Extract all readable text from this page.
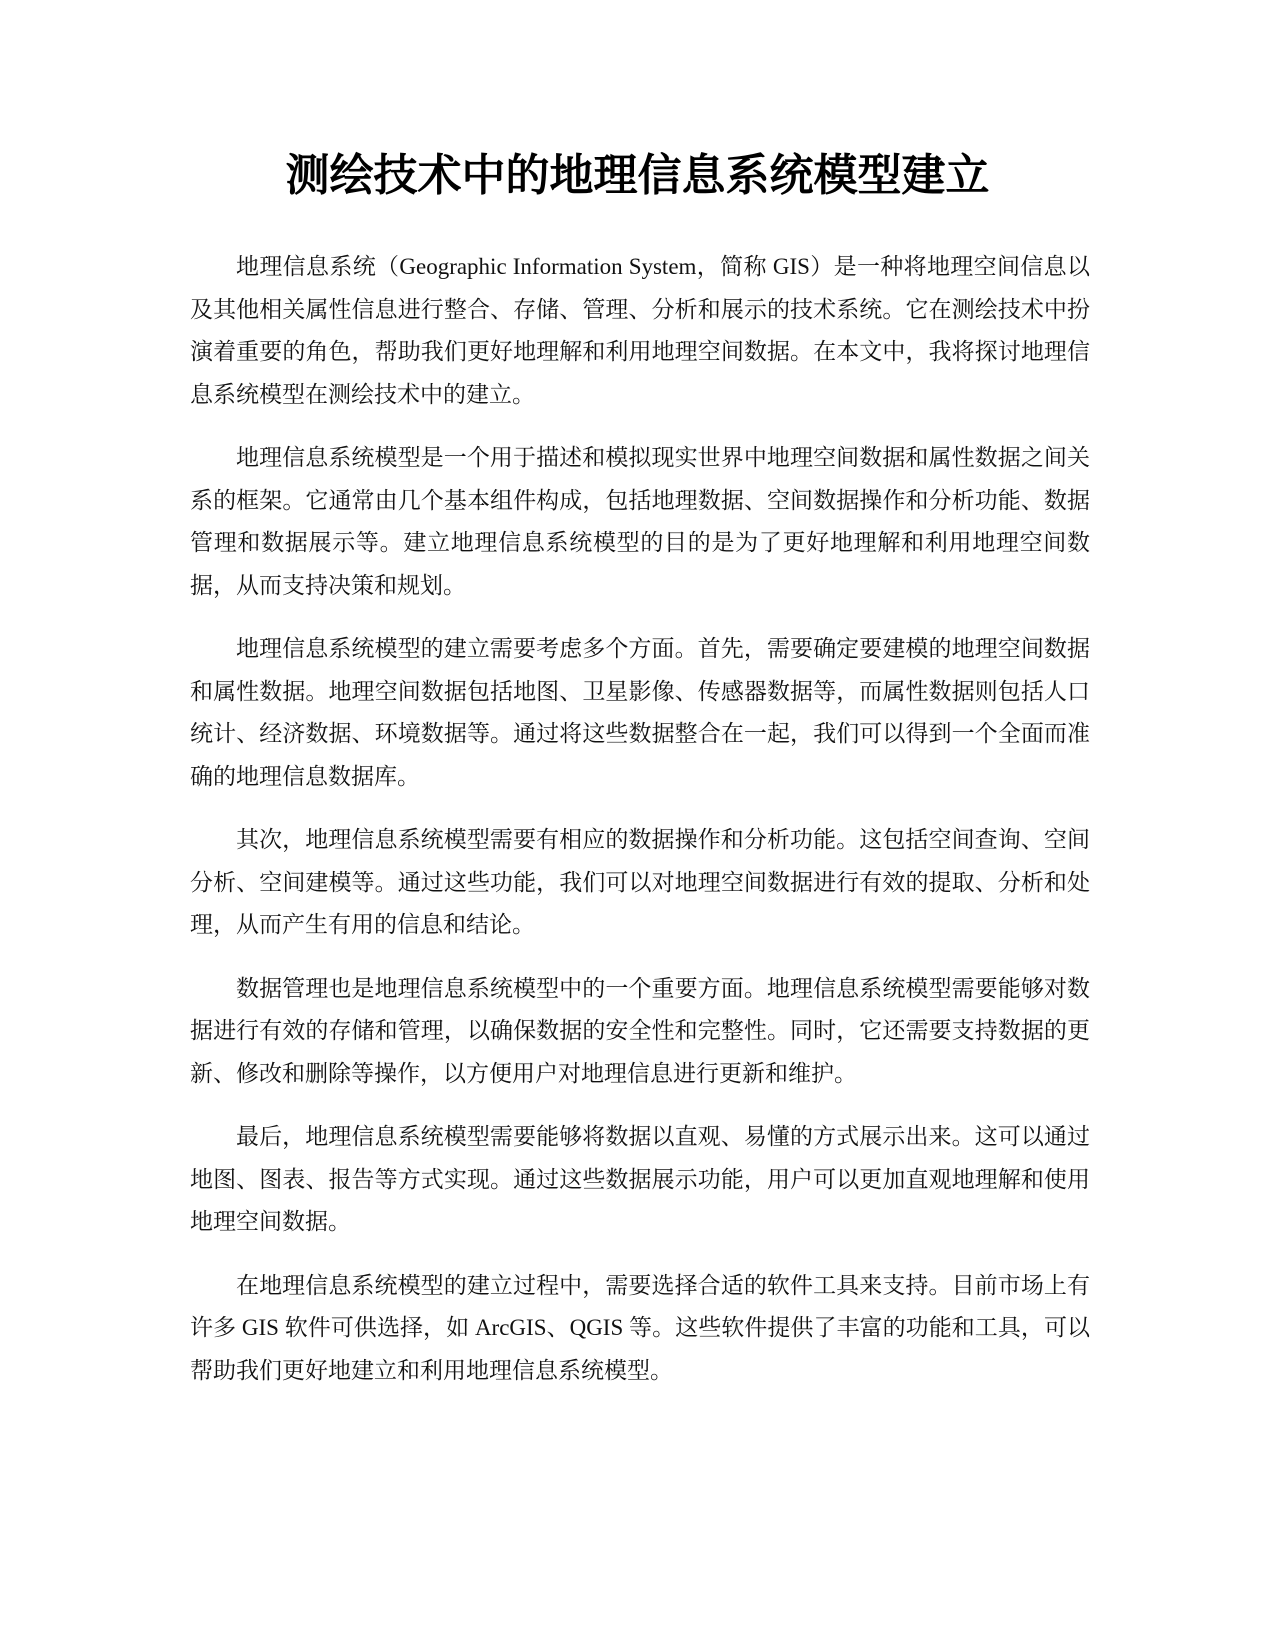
测绘技术中的地理信息系统模型建立

地理信息系统（Geographic Information System，简称 GIS）是一种将地理空间信息以及其他相关属性信息进行整合、存储、管理、分析和展示的技术系统。它在测绘技术中扮演着重要的角色，帮助我们更好地理解和利用地理空间数据。在本文中，我将探讨地理信息系统模型在测绘技术中的建立。

地理信息系统模型是一个用于描述和模拟现实世界中地理空间数据和属性数据之间关系的框架。它通常由几个基本组件构成，包括地理数据、空间数据操作和分析功能、数据管理和数据展示等。建立地理信息系统模型的目的是为了更好地理解和利用地理空间数据，从而支持决策和规划。

地理信息系统模型的建立需要考虑多个方面。首先，需要确定要建模的地理空间数据和属性数据。地理空间数据包括地图、卫星影像、传感器数据等，而属性数据则包括人口统计、经济数据、环境数据等。通过将这些数据整合在一起，我们可以得到一个全面而准确的地理信息数据库。

其次，地理信息系统模型需要有相应的数据操作和分析功能。这包括空间查询、空间分析、空间建模等。通过这些功能，我们可以对地理空间数据进行有效的提取、分析和处理，从而产生有用的信息和结论。

数据管理也是地理信息系统模型中的一个重要方面。地理信息系统模型需要能够对数据进行有效的存储和管理，以确保数据的安全性和完整性。同时，它还需要支持数据的更新、修改和删除等操作，以方便用户对地理信息进行更新和维护。

最后，地理信息系统模型需要能够将数据以直观、易懂的方式展示出来。这可以通过地图、图表、报告等方式实现。通过这些数据展示功能，用户可以更加直观地理解和使用地理空间数据。

在地理信息系统模型的建立过程中，需要选择合适的软件工具来支持。目前市场上有许多 GIS 软件可供选择，如 ArcGIS、QGIS 等。这些软件提供了丰富的功能和工具，可以帮助我们更好地建立和利用地理信息系统模型。
